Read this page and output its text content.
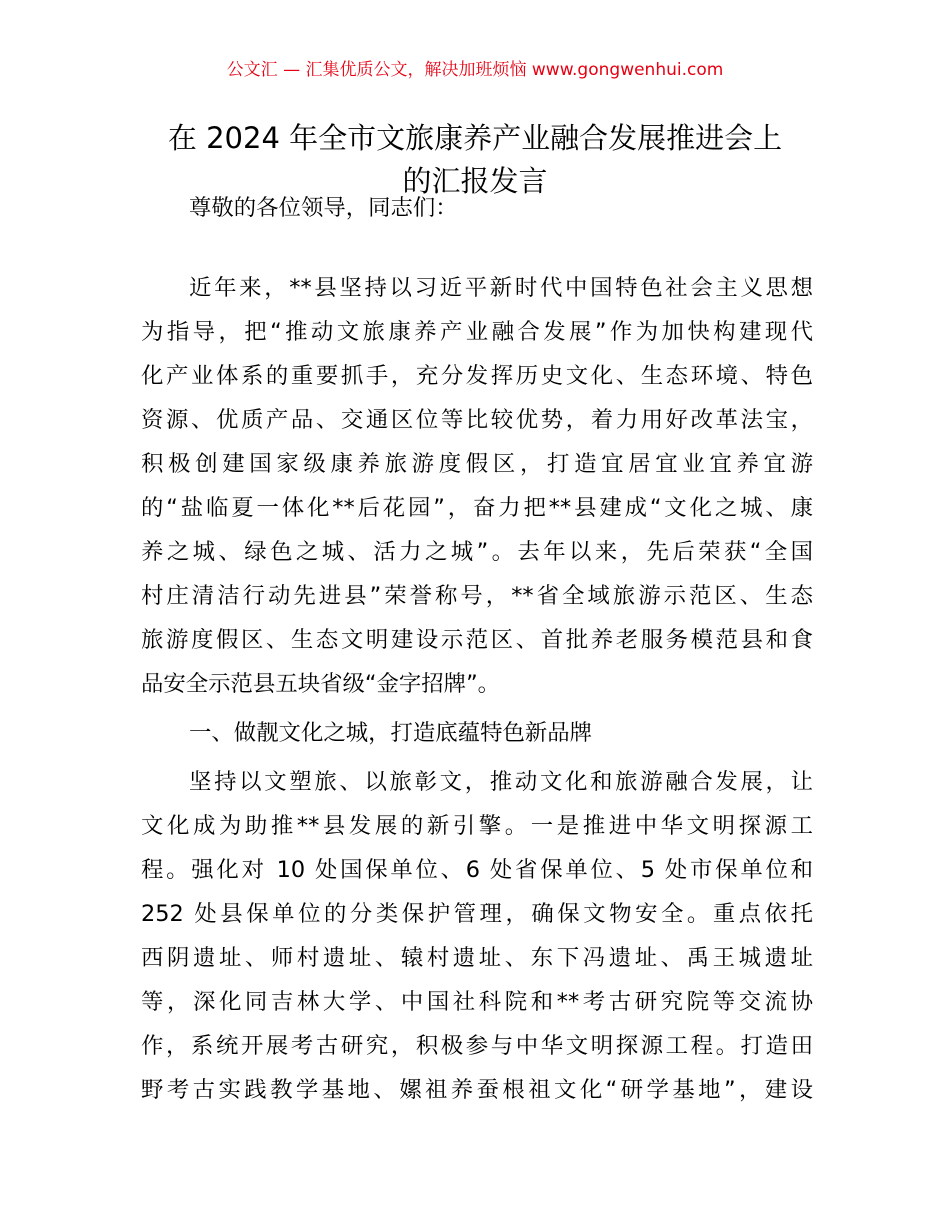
公文汇 — 汇集优质公文，解决加班烦恼 www.gongwenhui.com
在 2024 年全市文旅康养产业融合发展推进会上
的汇报发言
尊敬的各位领导，同志们：
近年来，**县坚持以习近平新时代中国特色社会主义思想
为指导，把“推动文旅康养产业融合发展”作为加快构建现代
化产业体系的重要抓手，充分发挥历史文化、生态环境、特色
资源、优质产品、交通区位等比较优势，着力用好改革法宝，
积极创建国家级康养旅游度假区，打造宜居宜业宜养宜游
的“盐临夏一体化**后花园”，奋力把**县建成“文化之城、康
养之城、绿色之城、活力之城”。去年以来，先后荣获“全国
村庄清洁行动先进县”荣誉称号，**省全域旅游示范区、生态
旅游度假区、生态文明建设示范区、首批养老服务模范县和食
品安全示范县五块省级“金字招牌”。
一、做靓文化之城，打造底蕴特色新品牌
坚持以文塑旅、以旅彰文，推动文化和旅游融合发展，让
文化成为助推**县发展的新引擎。一是推进中华文明探源工
程。强化对 10 处国保单位、6 处省保单位、5 处市保单位和
252 处县保单位的分类保护管理，确保文物安全。重点依托
西阴遗址、师村遗址、辕村遗址、东下冯遗址、禹王城遗址
等，深化同吉林大学、中国社科院和**考古研究院等交流协
作，系统开展考古研究，积极参与中华文明探源工程。打造田
野考古实践教学基地、嫘祖养蚕根祖文化“研学基地”，建设
